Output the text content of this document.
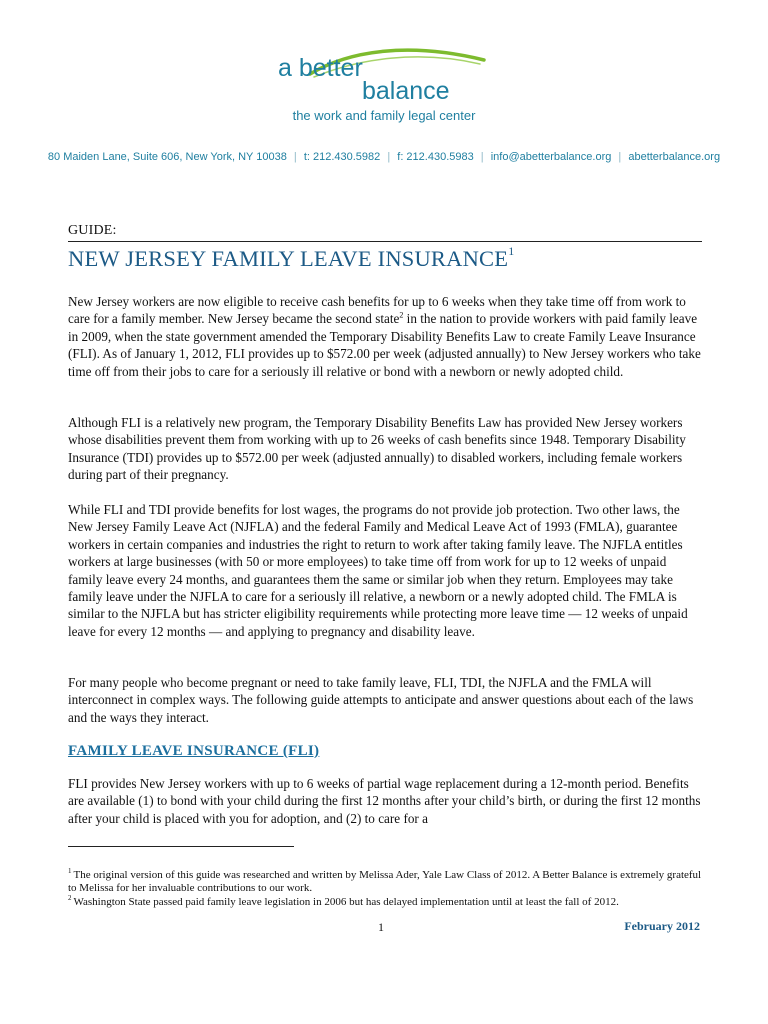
a better
balance
the work and family legal center
80 Maiden Lane, Suite 606, New York, NY 10038 | t: 212.430.5982 | f: 212.430.5983 | info@abetterbalance.org | abetterbalance.org
GUIDE:
NEW JERSEY FAMILY LEAVE INSURANCE$^1$
New Jersey workers are now eligible to receive cash benefits for up to 6 weeks when they take time off from work to care for a family member. New Jersey became the second state$^2$ in the nation to provide workers with paid family leave in 2009, when the state government amended the Temporary Disability Benefits Law to create Family Leave Insurance (FLI). As of January 1, 2012, FLI provides up to $572.00 per week (adjusted annually) to New Jersey workers who take time off from their jobs to care for a seriously ill relative or bond with a newborn or newly adopted child.
Although FLI is a relatively new program, the Temporary Disability Benefits Law has provided New Jersey workers whose disabilities prevent them from working with up to 26 weeks of cash benefits since 1948. Temporary Disability Insurance (TDI) provides up to $572.00 per week (adjusted annually) to disabled workers, including female workers during part of their pregnancy.
While FLI and TDI provide benefits for lost wages, the programs do not provide job protection. Two other laws, the New Jersey Family Leave Act (NJFLA) and the federal Family and Medical Leave Act of 1993 (FMLA), guarantee workers in certain companies and industries the right to return to work after taking family leave. The NJFLA entitles workers at large businesses (with 50 or more employees) to take time off from work for up to 12 weeks of unpaid family leave every 24 months, and guarantees them the same or similar job when they return. Employees may take family leave under the NJFLA to care for a seriously ill relative, a newborn or a newly adopted child. The FMLA is similar to the NJFLA but has stricter eligibility requirements while protecting more leave time — 12 weeks of unpaid leave for every 12 months — and applying to pregnancy and disability leave.
For many people who become pregnant or need to take family leave, FLI, TDI, the NJFLA and the FMLA will interconnect in complex ways. The following guide attempts to anticipate and answer questions about each of the laws and the ways they interact.
FAMILY LEAVE INSURANCE (FLI)
FLI provides New Jersey workers with up to 6 weeks of partial wage replacement during a 12-month period. Benefits are available (1) to bond with your child during the first 12 months after your child’s birth, or during the first 12 months after your child is placed with you for adoption, and (2) to care for a
$^1$ The original version of this guide was researched and written by Melissa Ader, Yale Law Class of 2012. A Better Balance is extremely grateful to Melissa for her invaluable contributions to our work.
$^2$ Washington State passed paid family leave legislation in 2006 but has delayed implementation until at least the fall of 2012.
1	February 2012
